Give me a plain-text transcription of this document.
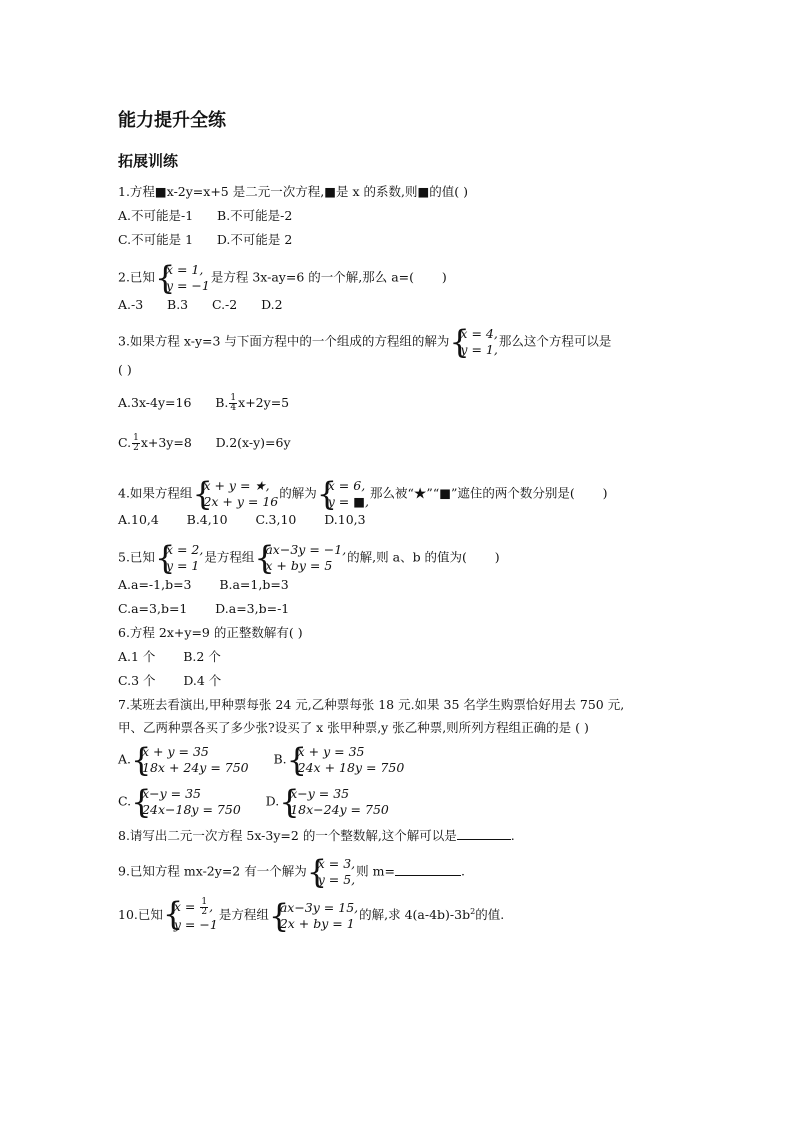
能力提升全练
拓展训练
1.方程■x-2y=x+5 是二元一次方程,■是 x 的系数,则■的值( )
A.不可能是-1      B.不可能是-2
C.不可能是 1      D.不可能是 2
2.已知 { x = 1,
y = −1
是方程 3x-ay=6 的一个解,那么 a=(       )
A.-3      B.3      C.-2      D.2
3.如果方程 x-y=3 与下面方程中的一个组成的方程组的解为 { x = 4,
y = 1,
那么这个方程可以是
( )
A.3x-4y=16 B. $\frac{1}{4} x+2y=5$
C. $\frac{1}{2} x+3y=8$ D.2(x-y)=6y
4.如果方程组 { x + y = ★,
2x + y = 16
的解为 { x = 6,
y = ■,
那么被“★”“■”遮住的两个数分别是(       )
A.10,4       B.4,10       C.3,10       D.10,3
5.已知 { x = 2,
y = 1
是方程组 { ax−3y = −1,
x + by = 5
的解,则 a、b 的值为(       )
A.a=-1,b=3       B.a=1,b=3
C.a=3,b=1       D.a=3,b=-1
6.方程 2x+y=9 的正整数解有( )
A.1 个       B.2 个
C.3 个       D.4 个
7.某班去看演出,甲种票每张 24 元,乙种票每张 18 元.如果 35 名学生购票恰好用去 750 元,
甲、乙两种票各买了多少张?设买了 x 张甲种票,y 张乙种票,则所列方程组正确的是 ( )
A. { x + y = 35
18x + 24y = 750
B. { x + y = 35
24x + 18y = 750
C. { x−y = 35
24x−18y = 750
D. { x−y = 35
18x−24y = 750
8.请写出二元一次方程 5x-3y=2 的一个整数解,这个解可以是	.
9.已知方程 mx-2y=2 有一个解为 { x = 3,
y = 5,
则 m=	.
10.已知
{ $x = \frac{1}{2}$ ,
y = −1
是方程组 { ax−3y = 15,
2x + by = 1
的解,求 $4(a-4b)-3b^2$的值.
